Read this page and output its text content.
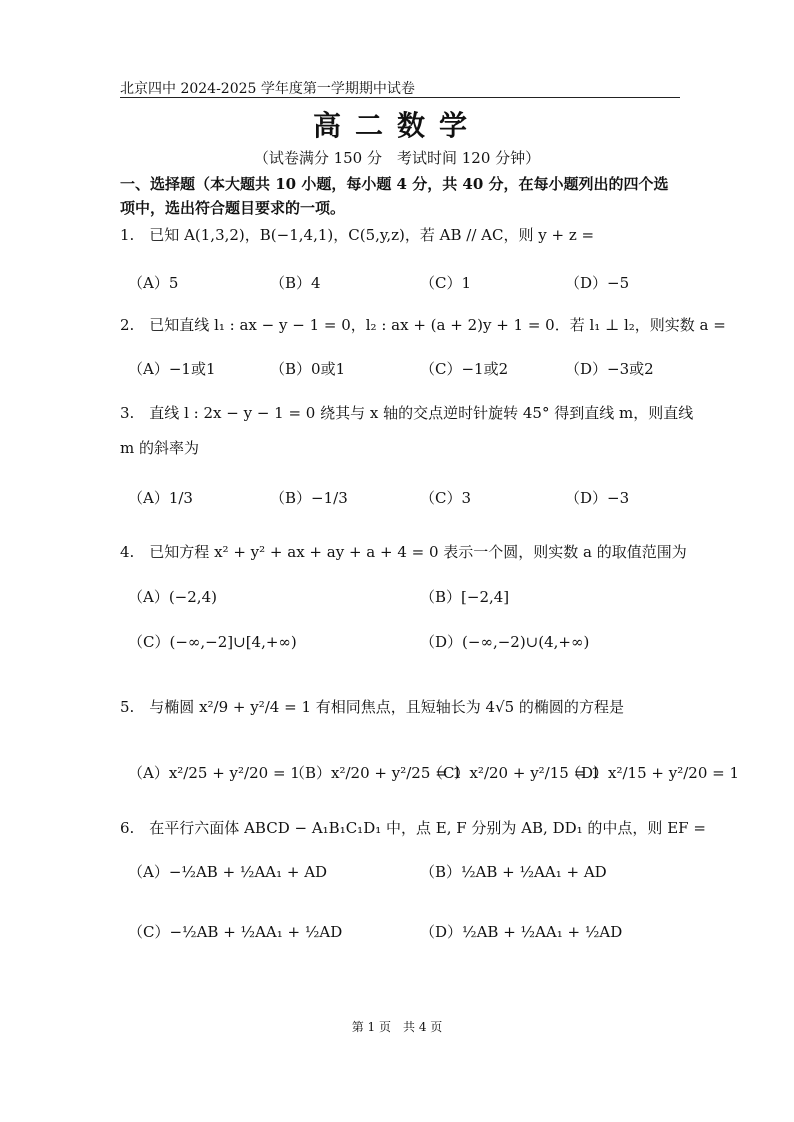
北京四中 2024-2025 学年度第一学期期中试卷
高二数学
（试卷满分 150 分　考试时间 120 分钟）
一、选择题（本大题共 10 小题，每小题 4 分，共 40 分，在每小题列出的四个选项中，选出符合题目要求的一项。
1.　已知 A(1,3,2)，B(−1,4,1)，C(5,y,z)，若 AB // AC，则 y + z =
（A）5	（B）4	（C）1	（D）−5
2.　已知直线 l₁ : ax − y − 1 = 0，l₂ : ax + (a + 2)y + 1 = 0．若 l₁ ⊥ l₂，则实数 a =
（A）−1或1	（B）0或1	（C）−1或2	（D）−3或2
3.　直线 l : 2x − y − 1 = 0 绕其与 x 轴的交点逆时针旋转 45° 得到直线 m，则直线
m 的斜率为
（A）1/3	（B）−1/3	（C）3	（D）−3
4.　已知方程 x² + y² + ax + ay + a + 4 = 0 表示一个圆，则实数 a 的取值范围为
（A）(−2,4)	（B）[−2,4]
（C）(−∞,−2]∪[4,+∞)	（D）(−∞,−2)∪(4,+∞)
5.　与椭圆 x²/9 + y²/4 = 1 有相同焦点，且短轴长为 4√5 的椭圆的方程是
（A）x²/25 + y²/20 = 1
（B）x²/20 + y²/25 = 1
（C）x²/20 + y²/15 = 1
（D）x²/15 + y²/20 = 1
6.　在平行六面体 ABCD − A₁B₁C₁D₁ 中，点 E, F 分别为 AB, DD₁ 的中点，则 EF =
（A）−½AB + ½AA₁ + AD	（B）½AB + ½AA₁ + AD
（C）−½AB + ½AA₁ + ½AD	（D）½AB + ½AA₁ + ½AD
第 1 页　共 4 页
